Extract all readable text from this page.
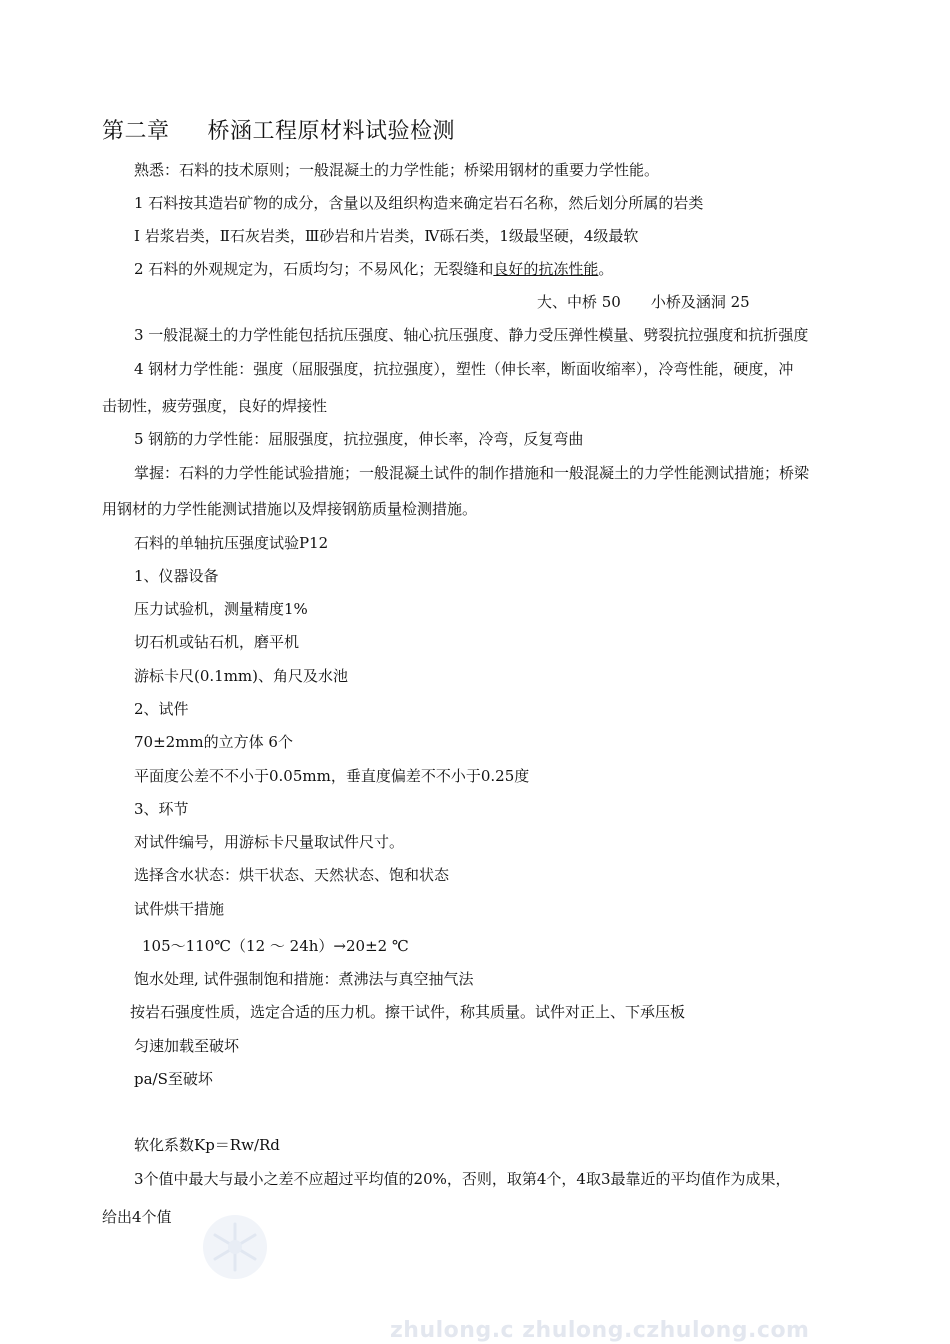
第二章 桥涵工程原材料试验检测
熟悉：石料的技术原则；一般混凝土的力学性能；桥梁用钢材的重要力学性能。
1 石料按其造岩矿物的成分，含量以及组织构造来确定岩石名称，然后划分所属的岩类
Ⅰ 岩浆岩类，Ⅱ石灰岩类，Ⅲ砂岩和片岩类，Ⅳ砾石类，1级最坚硬，4级最软
2 石料的外观规定为，石质均匀；不易风化；无裂缝和良好的抗冻性能。
大、中桥 50　　小桥及涵洞 25
3 一般混凝土的力学性能包括抗压强度、轴心抗压强度、静力受压弹性模量、劈裂抗拉强度和抗折强度
4 钢材力学性能：强度（屈服强度，抗拉强度），塑性（伸长率，断面收缩率），冷弯性能，硬度，冲
击韧性，疲劳强度，良好的焊接性
5 钢筋的力学性能：屈服强度，抗拉强度，伸长率，冷弯，反复弯曲
掌握：石料的力学性能试验措施；一般混凝土试件的制作措施和一般混凝土的力学性能测试措施；桥梁
用钢材的力学性能测试措施以及焊接钢筋质量检测措施。
石料的单轴抗压强度试验P12
1、仪器设备
压力试验机，测量精度1%
切石机或钻石机，磨平机
游标卡尺(0.1mm)、角尺及水池
2、试件
70±2mm的立方体 6个
平面度公差不不小于0.05mm，垂直度偏差不不小于0.25度
3、环节
对试件编号，用游标卡尺量取试件尺寸。
选择含水状态：烘干状态、天然状态、饱和状态
试件烘干措施
105～110℃（12 ～ 24h）→20±2 ℃
饱水处理, 试件强制饱和措施：煮沸法与真空抽气法
按岩石强度性质，选定合适的压力机。擦干试件，称其质量。试件对正上、下承压板
匀速加载至破坏
pa/S至破坏
软化系数Kp＝Rw/Rd
3个值中最大与最小之差不应超过平均值的20%，否则，取第4个，4取3最靠近的平均值作为成果，
给出4个值
zhulong.c zhulong.czhulong.com
